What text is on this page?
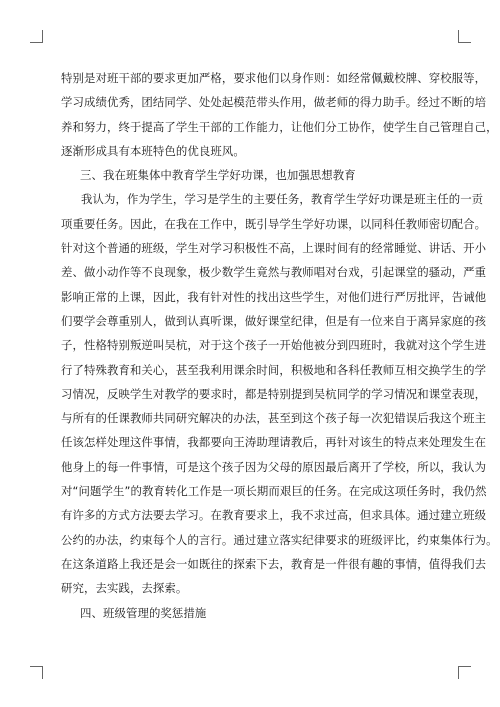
特别是对班干部的要求更加严格，要求他们以身作则：如经常佩戴校牌、穿校服等，
学习成绩优秀，团结同学、处处起模范带头作用，做老师的得力助手。经过不断的培
养和努力，终于提高了学生干部的工作能力，让他们分工协作，使学生自己管理自己，
逐渐形成具有本班特色的优良班风。
三、我在班集体中教育学生学好功课，也加强思想教育
我认为，作为学生，学习是学生的主要任务，教育学生学好功课是班主任的一贡
项重要任务。因此，在我在工作中，既引导学生学好功课，以同科任教师密切配合。
针对这个普通的班级，学生对学习积极性不高，上课时间有的经常睡觉、讲话、开小
差、做小动作等不良现象，极少数学生竟然与教师唱对台戏，引起课堂的骚动，严重
影响正常的上课，因此，我有针对性的找出这些学生，对他们进行严厉批评，告诫他
们要学会尊重别人，做到认真听课，做好课堂纪律，但是有一位来自于离异家庭的孩
子，性格特别叛逆叫吴杭，对于这个孩子一开始他被分到四班时，我就对这个学生进
行了特殊教育和关心，甚至我利用课余时间，积极地和各科任教师互相交换学生的学
习情况，反映学生对教学的要求时，都是特别提到吴杭同学的学习情况和课堂表现，
与所有的任课教师共同研究解决的办法，甚至到这个孩子每一次犯错误后我这个班主
任该怎样处理这件事情，我都要向王涛助理请教后，再针对该生的特点来处理发生在
他身上的每一件事情，可是这个孩子因为父母的原因最后离开了学校，所以，我认为
对“问题学生”的教育转化工作是一项长期而艰巨的任务。在完成这项任务时，我仍然
有许多的方式方法要去学习。在教育要求上，我不求过高，但求具体。通过建立班级
公约的办法，约束每个人的言行。通过建立落实纪律要求的班级评比，约束集体行为。
在这条道路上我还是会一如既往的探索下去，教育是一件很有趣的事情，值得我们去
研究，去实践，去探索。
四、班级管理的奖惩措施
